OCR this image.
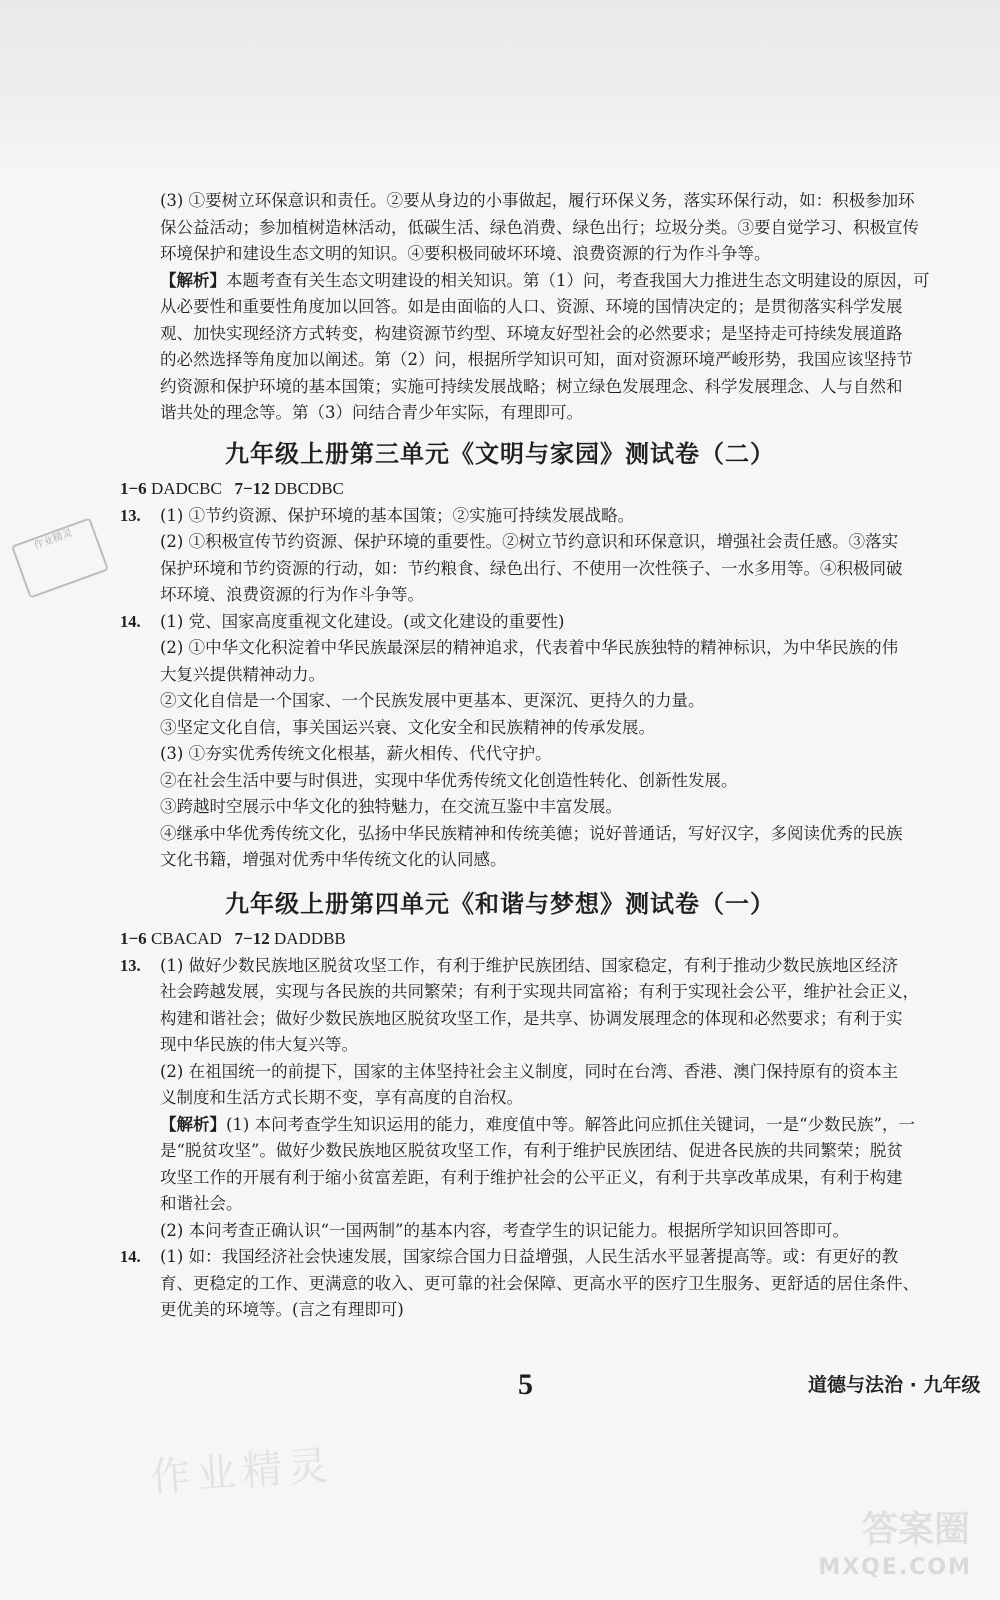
(3) ①要树立环保意识和责任。②要从身边的小事做起，履行环保义务，落实环保行动，如：积极参加环

保公益活动；参加植树造林活动，低碳生活、绿色消费、绿色出行；垃圾分类。③要自觉学习、积极宣传

环境保护和建设生态文明的知识。④要积极同破坏环境、浪费资源的行为作斗争等。

【解析】本题考查有关生态文明建设的相关知识。第（1）问，考查我国大力推进生态文明建设的原因，可

从必要性和重要性角度加以回答。如是由面临的人口、资源、环境的国情决定的；是贯彻落实科学发展

观、加快实现经济方式转变，构建资源节约型、环境友好型社会的必然要求；是坚持走可持续发展道路

的必然选择等角度加以阐述。第（2）问，根据所学知识可知，面对资源环境严峻形势，我国应该坚持节

约资源和保护环境的基本国策；实施可持续发展战略；树立绿色发展理念、科学发展理念、人与自然和

谐共处的理念等。第（3）问结合青少年实际，有理即可。

九年级上册第三单元《文明与家园》测试卷（二）

1−6 DADCBC 7−12 DBCDBC

13. (1) ①节约资源、保护环境的基本国策；②实施可持续发展战略。

(2) ①积极宣传节约资源、保护环境的重要性。②树立节约意识和环保意识，增强社会责任感。③落实

保护环境和节约资源的行动，如：节约粮食、绿色出行、不使用一次性筷子、一水多用等。④积极同破

坏环境、浪费资源的行为作斗争等。

14. (1) 党、国家高度重视文化建设。(或文化建设的重要性)

(2) ①中华文化积淀着中华民族最深层的精神追求，代表着中华民族独特的精神标识，为中华民族的伟

大复兴提供精神动力。

②文化自信是一个国家、一个民族发展中更基本、更深沉、更持久的力量。

③坚定文化自信，事关国运兴衰、文化安全和民族精神的传承发展。

(3) ①夯实优秀传统文化根基，薪火相传、代代守护。

②在社会生活中要与时俱进，实现中华优秀传统文化创造性转化、创新性发展。

③跨越时空展示中华文化的独特魅力，在交流互鉴中丰富发展。

④继承中华优秀传统文化，弘扬中华民族精神和传统美德；说好普通话，写好汉字，多阅读优秀的民族

文化书籍，增强对优秀中华传统文化的认同感。

九年级上册第四单元《和谐与梦想》测试卷（一）

1−6 CBACAD 7−12 DADDBB

13. (1) 做好少数民族地区脱贫攻坚工作，有利于维护民族团结、国家稳定，有利于推动少数民族地区经济

社会跨越发展，实现与各民族的共同繁荣；有利于实现共同富裕；有利于实现社会公平，维护社会正义，

构建和谐社会；做好少数民族地区脱贫攻坚工作，是共享、协调发展理念的体现和必然要求；有利于实

现中华民族的伟大复兴等。

(2) 在祖国统一的前提下，国家的主体坚持社会主义制度，同时在台湾、香港、澳门保持原有的资本主

义制度和生活方式长期不变，享有高度的自治权。

【解析】(1) 本问考查学生知识运用的能力，难度值中等。解答此问应抓住关键词，一是“少数民族”，一

是“脱贫攻坚”。做好少数民族地区脱贫攻坚工作，有利于维护民族团结、促进各民族的共同繁荣；脱贫

攻坚工作的开展有利于缩小贫富差距，有利于维护社会的公平正义，有利于共享改革成果，有利于构建

和谐社会。

(2) 本问考查正确认识“一国两制”的基本内容，考查学生的识记能力。根据所学知识回答即可。

14. (1) 如：我国经济社会快速发展，国家综合国力日益增强，人民生活水平显著提高等。或：有更好的教

育、更稳定的工作、更满意的收入、更可靠的社会保障、更高水平的医疗卫生服务、更舒适的居住条件、

更优美的环境等。(言之有理即可)

5	道德与法治 · 九年级
作业精灵
作业精灵
答案圈
MXQE.COM
